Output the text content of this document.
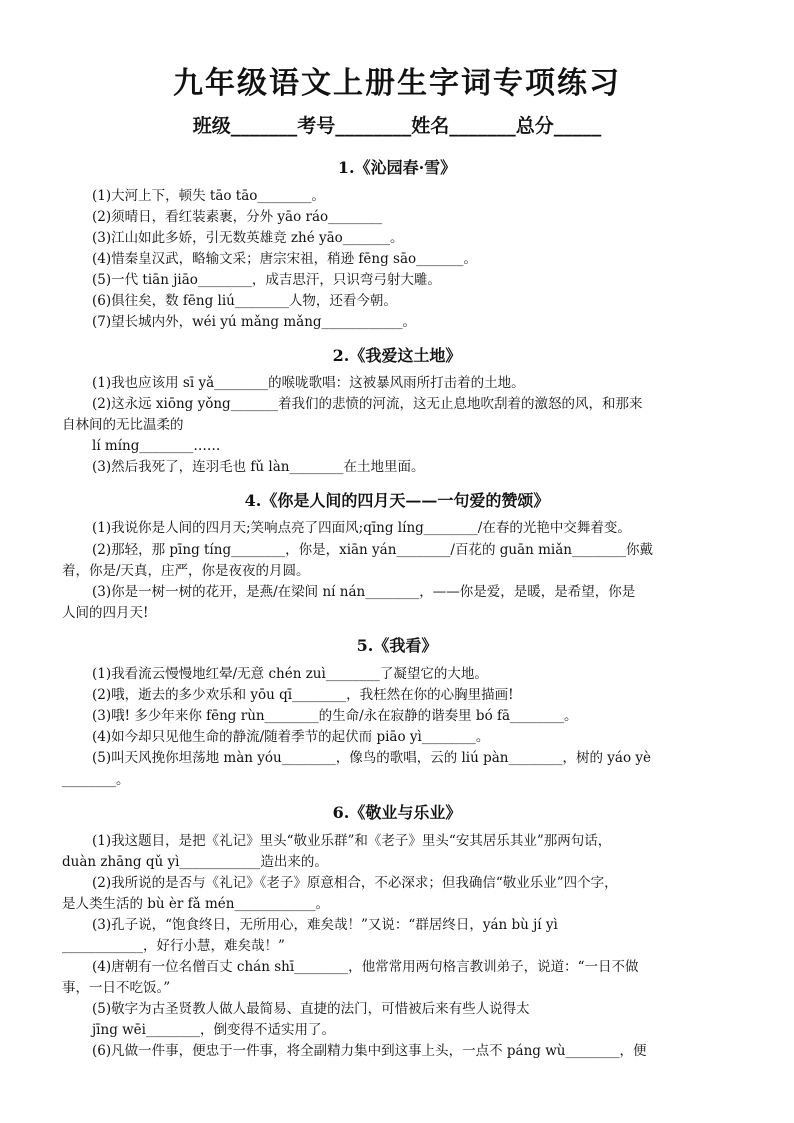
九年级语文上册生字词专项练习
班级_______考号________姓名_______总分_____
1.《沁园春·雪》
(1)大河上下，顿失 tāo tāo________。
(2)须晴日，看红装素裹，分外 yāo ráo________
(3)江山如此多娇，引无数英雄竞 zhé yāo_______。
(4)惜秦皇汉武，略输文采；唐宗宋祖，稍逊 fēng sāo_______。
(5)一代 tiān jiāo________，成吉思汗，只识弯弓射大雕。
(6)俱往矣，数 fēng liú________人物，还看今朝。
(7)望长城内外，wéi yú mǎng mǎng____________。
2.《我爱这土地》
(1)我也应该用 sī yǎ________的喉咙歌唱：这被暴风雨所打击着的土地。
(2)这永远 xiōng yǒng_______着我们的悲愤的河流，这无止息地吹刮着的激怒的风，和那来
自林间的无比温柔的
lí míng________……
(3)然后我死了，连羽毛也 fǔ làn________在土地里面。
4.《你是人间的四月天——一句爱的赞颂》
(1)我说你是人间的四月天;笑响点亮了四面风;qīng líng________/在春的光艳中交舞着变。
(2)那轻，那 pīng tíng________，你是，xiān yán________/百花的 guān miǎn________你戴
着，你是/天真，庄严，你是夜夜的月圆。
(3)你是一树一树的花开，是燕/在梁间 ní nán________，——你是爱，是暖，是希望，你是
人间的四月天!
5.《我看》
(1)我看流云慢慢地红晕/无意 chén zuì________了凝望它的大地。
(2)哦，逝去的多少欢乐和 yōu qī________，我枉然在你的心胸里描画!
(3)哦! 多少年来你 fēng rùn________的生命/永在寂静的谐奏里 bó fā________。
(4)如今却只见他生命的静流/随着季节的起伏而 piāo yì________。
(5)叫天风挽你坦荡地 màn yóu________，像鸟的歌唱，云的 liú pàn________，树的 yáo yè
________。
6.《敬业与乐业》
(1)我这题目，是把《礼记》里头“敬业乐群”和《老子》里头“安其居乐其业”那两句话，
duàn zhāng qǔ yì____________造出来的。
(2)我所说的是否与《礼记》《老子》原意相合，不必深求；但我确信“敬业乐业”四个字，
是人类生活的 bù èr fǎ mén____________。
(3)孔子说，“饱食终日，无所用心，难矣哉！”又说：“群居终日，yán bù jí yì
____________，好行小慧，难矣哉！”
(4)唐朝有一位名僧百丈 chán shī________，他常常用两句格言教训弟子，说道：“一日不做
事，一日不吃饭。”
(5)敬字为古圣贤教人做人最简易、直捷的法门，可惜被后来有些人说得太
jīng wēi________，倒变得不适实用了。
(6)凡做一件事，便忠于一件事，将全副精力集中到这事上头，一点不 páng wù________，便
